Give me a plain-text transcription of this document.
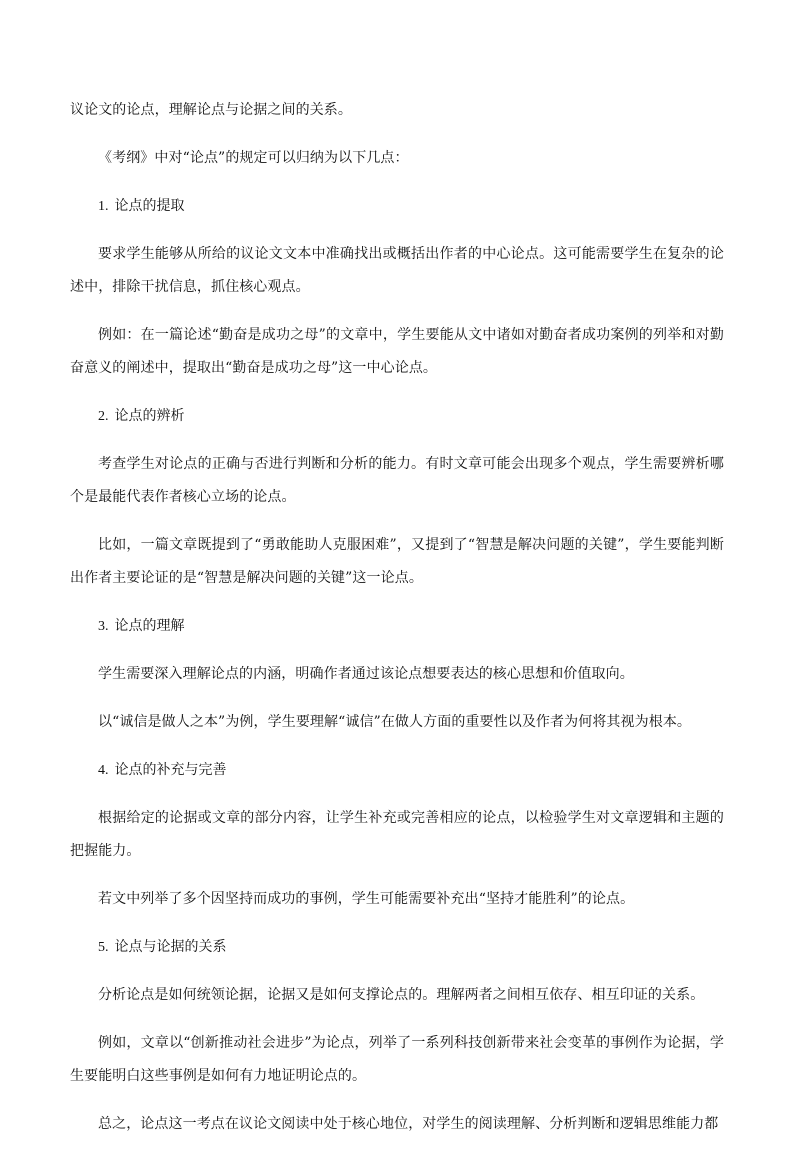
议论文的论点，理解论点与论据之间的关系。

《考纲》中对“论点”的规定可以归纳为以下几点：

1. 论点的提取

要求学生能够从所给的议论文文本中准确找出或概括出作者的中心论点。这可能需要学生在复杂的论述中，排除干扰信息，抓住核心观点。

例如：在一篇论述“勤奋是成功之母”的文章中，学生要能从文中诸如对勤奋者成功案例的列举和对勤奋意义的阐述中，提取出“勤奋是成功之母”这一中心论点。

2. 论点的辨析

考查学生对论点的正确与否进行判断和分析的能力。有时文章可能会出现多个观点，学生需要辨析哪个是最能代表作者核心立场的论点。

比如，一篇文章既提到了“勇敢能助人克服困难”，又提到了“智慧是解决问题的关键”，学生要能判断出作者主要论证的是“智慧是解决问题的关键”这一论点。

3. 论点的理解

学生需要深入理解论点的内涵，明确作者通过该论点想要表达的核心思想和价值取向。

以“诚信是做人之本”为例，学生要理解“诚信”在做人方面的重要性以及作者为何将其视为根本。

4. 论点的补充与完善

根据给定的论据或文章的部分内容，让学生补充或完善相应的论点，以检验学生对文章逻辑和主题的把握能力。

若文中列举了多个因坚持而成功的事例，学生可能需要补充出“坚持才能胜利”的论点。

5. 论点与论据的关系

分析论点是如何统领论据，论据又是如何支撑论点的。理解两者之间相互依存、相互印证的关系。

例如，文章以“创新推动社会进步”为论点，列举了一系列科技创新带来社会变革的事例作为论据，学生要能明白这些事例是如何有力地证明论点的。

总之，论点这一考点在议论文阅读中处于核心地位，对学生的阅读理解、分析判断和逻辑思维能力都
